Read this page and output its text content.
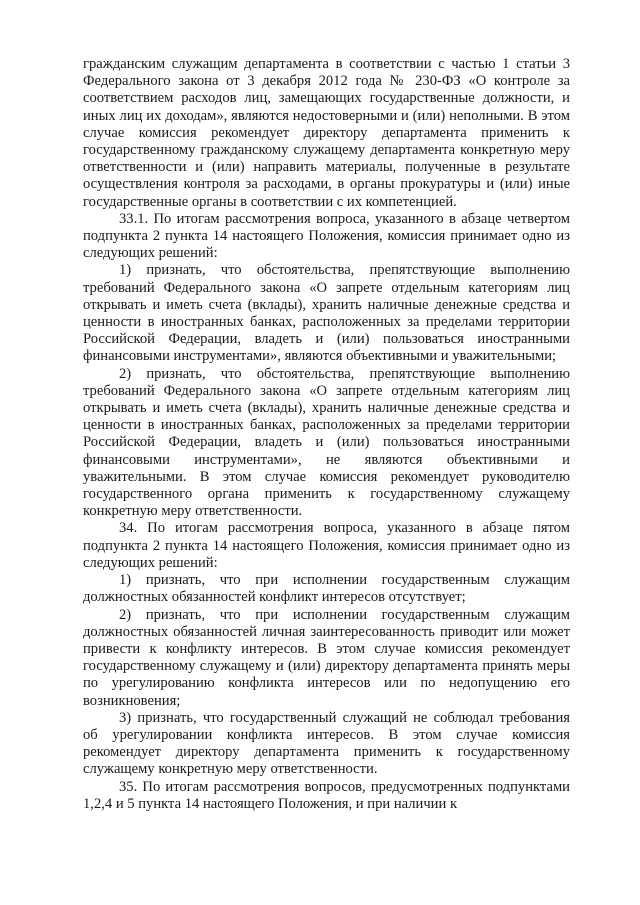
гражданским служащим департамента в соответствии с частью 1 статьи 3 Федерального закона от 3 декабря 2012 года № 230-ФЗ «О контроле за соответствием расходов лиц, замещающих государственные должности, и иных лиц их доходам», являются недостоверными и (или) неполными. В этом случае комиссия рекомендует директору департамента применить к государственному гражданскому служащему департамента конкретную меру ответственности и (или) направить материалы, полученные в результате осуществления контроля за расходами, в органы прокуратуры и (или) иные государственные органы в соответствии с их компетенцией.

33.1. По итогам рассмотрения вопроса, указанного в абзаце четвертом подпункта 2 пункта 14 настоящего Положения, комиссия принимает одно из следующих решений:

1) признать, что обстоятельства, препятствующие выполнению требований Федерального закона «О запрете отдельным категориям лиц открывать и иметь счета (вклады), хранить наличные денежные средства и ценности в иностранных банках, расположенных за пределами территории Российской Федерации, владеть и (или) пользоваться иностранными финансовыми инструментами», являются объективными и уважительными;

2) признать, что обстоятельства, препятствующие выполнению требований Федерального закона «О запрете отдельным категориям лиц открывать и иметь счета (вклады), хранить наличные денежные средства и ценности в иностранных банках, расположенных за пределами территории Российской Федерации, владеть и (или) пользоваться иностранными финансовыми инструментами», не являются объективными и уважительными. В этом случае комиссия рекомендует руководителю государственного органа применить к государственному служащему конкретную меру ответственности.

34. По итогам рассмотрения вопроса, указанного в абзаце пятом подпункта 2 пункта 14 настоящего Положения, комиссия принимает одно из следующих решений:

1) признать, что при исполнении государственным служащим должностных обязанностей конфликт интересов отсутствует;

2) признать, что при исполнении государственным служащим должностных обязанностей личная заинтересованность приводит или может привести к конфликту интересов. В этом случае комиссия рекомендует государственному служащему и (или) директору департамента принять меры по урегулированию конфликта интересов или по недопущению его возникновения;

3) признать, что государственный служащий не соблюдал требования об урегулировании конфликта интересов. В этом случае комиссия рекомендует директору департамента применить к государственному служащему конкретную меру ответственности.

35. По итогам рассмотрения вопросов, предусмотренных подпунктами 1,2,4 и 5 пункта 14 настоящего Положения, и при наличии к
